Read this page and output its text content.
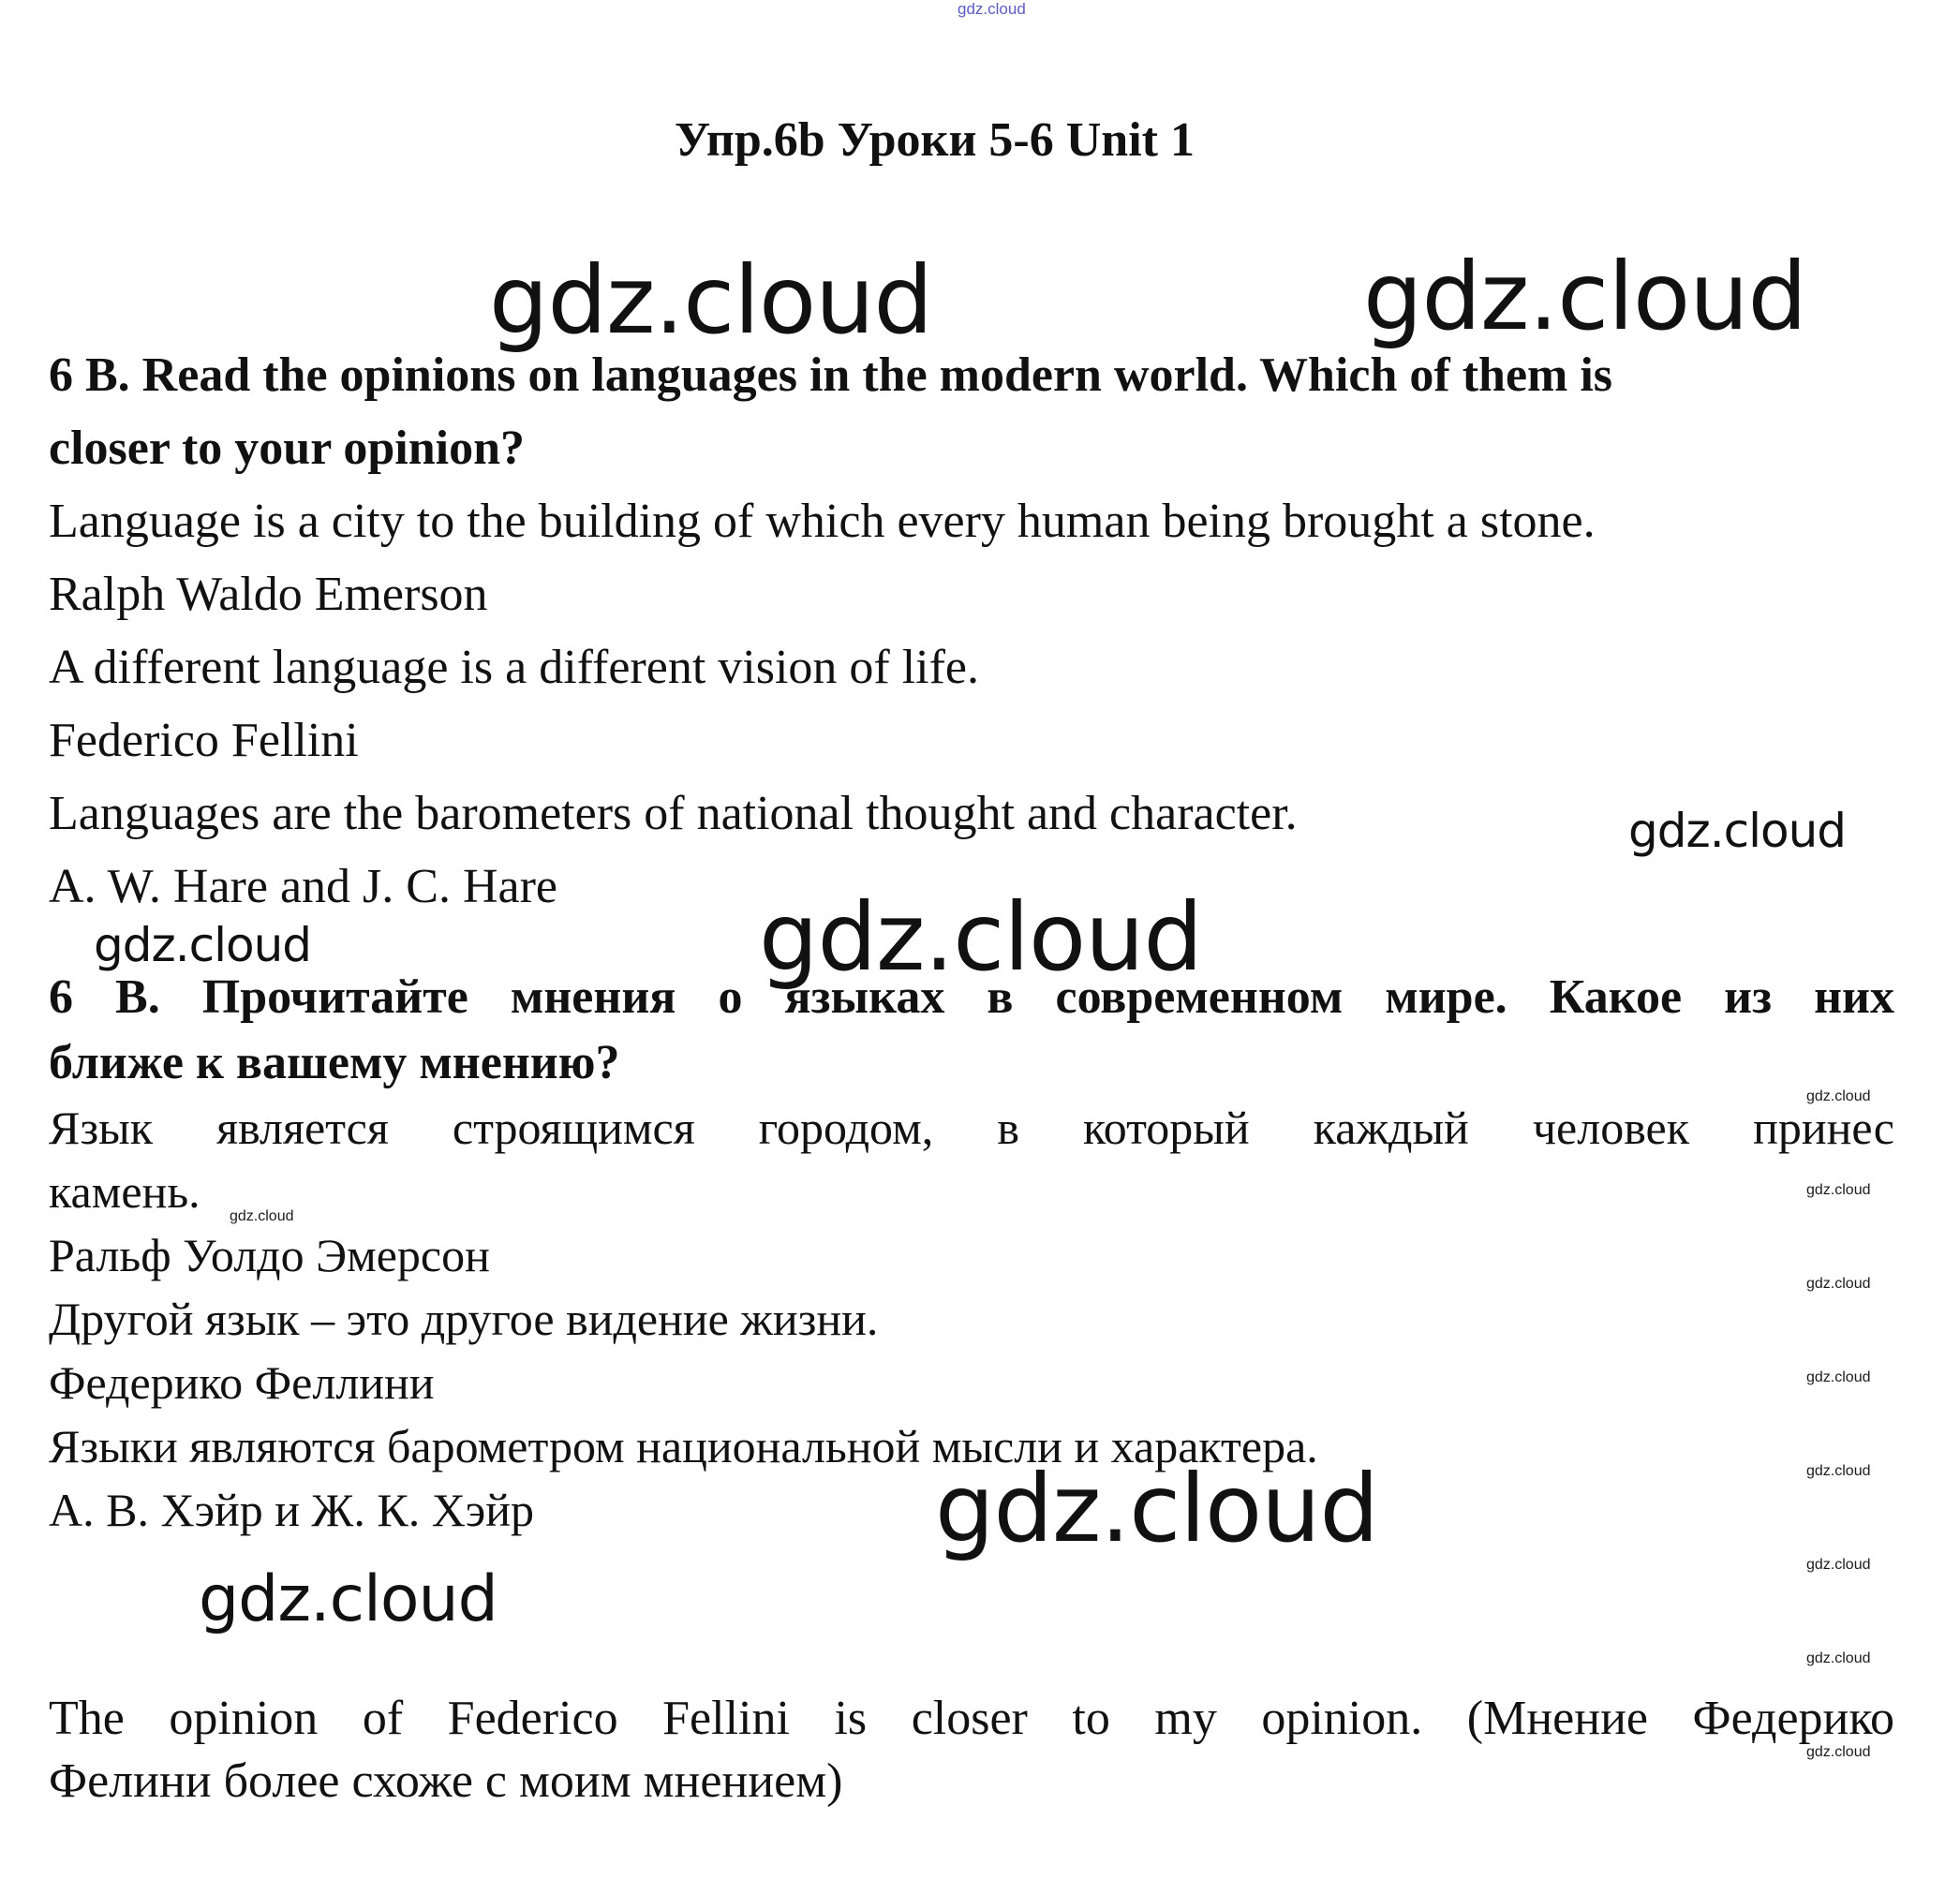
gdz.cloud
Упр.6b Уроки 5-6 Unit 1
gdz.cloud	gdz.cloud
6 B. Read the opinions on languages in the modern world. Which of them is
closer to your opinion?
Language is a city to the building of which every human being brought a stone.
Ralph Waldo Emerson
A different language is a different vision of life.
Federico Fellini
Languages are the barometers of national thought and character.
A. W. Hare and J. C. Hare
gdz.cloud
gdz.cloud	gdz.cloud
6 B. Прочитайте мнения о языках в современном мире. Какое из них
ближе к вашему мнению?
Язык является строящимся городом, в который каждый человек принес
камень.
Ральф Уолдо Эмерсон
Другой язык – это другое видение жизни.
Федерико Феллини
Языки являются барометром национальной мысли и характера.
А. В. Хэйр и Ж. К. Хэйр
gdz.cloud
gdz.cloud
gdz.cloud
gdz.cloud
gdz.cloud
gdz.cloud
gdz.cloud
gdz.cloud
gdz.cloud
gdz.cloud
gdz.cloud
The opinion of Federico Fellini is closer to my opinion. (Мнение Федерико
Фелини более схоже с моим мнением)
